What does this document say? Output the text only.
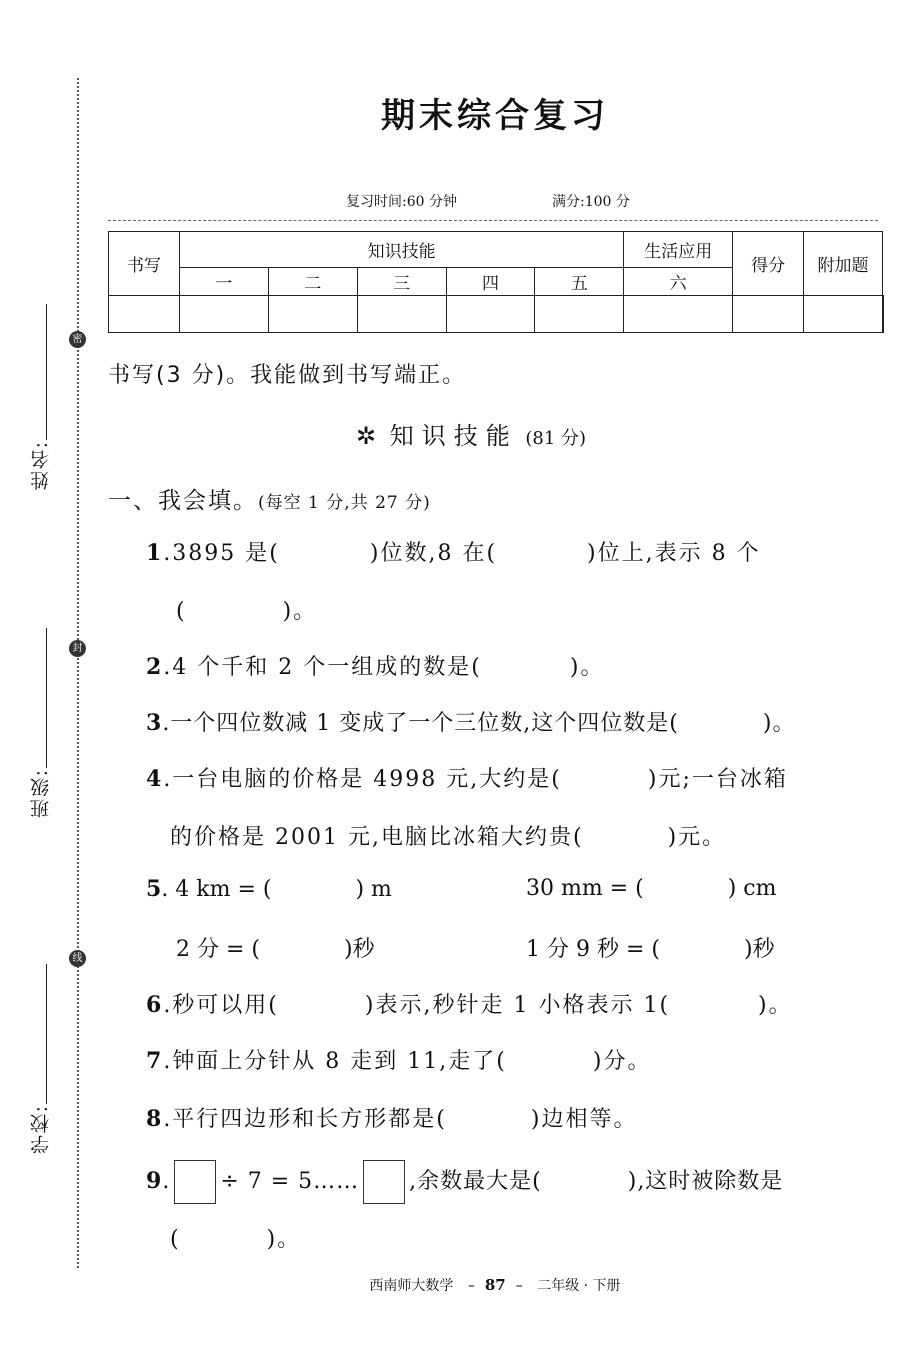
密
封
线
姓名:
班级:
学校:
期末综合复习
复习时间:60 分钟	满分:100 分
书写	知识技能					生活应用	得分	附加题	
	一	二	三	四	五	六			

书写(3 分)。我能做到书写端正。
✲ 知识技能 (81 分)
一、我会填。(每空 1 分,共 27 分)
1.3895 是(	)位数,8 在(	)位上,表示 8 个
(	)。
2.4 个千和 2 个一组成的数是(	)。
3.一个四位数减 1 变成了一个三位数,这个四位数是(	)。
4.一台电脑的价格是 4998 元,大约是(	)元;一台冰箱
的价格是 2001 元,电脑比冰箱大约贵(	)元。
5. 4 km = (	) m	30 mm = (	) cm
2 分 = (	)秒	1 分 9 秒 = (	)秒
6.秒可以用(	)表示,秒针走 1 小格表示 1(	)。
7.钟面上分针从 8 走到 11,走了(	)分。
8.平行四边形和长方形都是(	)边相等。
9. ÷ 7 = 5…… ,余数最大是(	),这时被除数是
(	)。
西南师大数学 – 87 – 二年级 · 下册
